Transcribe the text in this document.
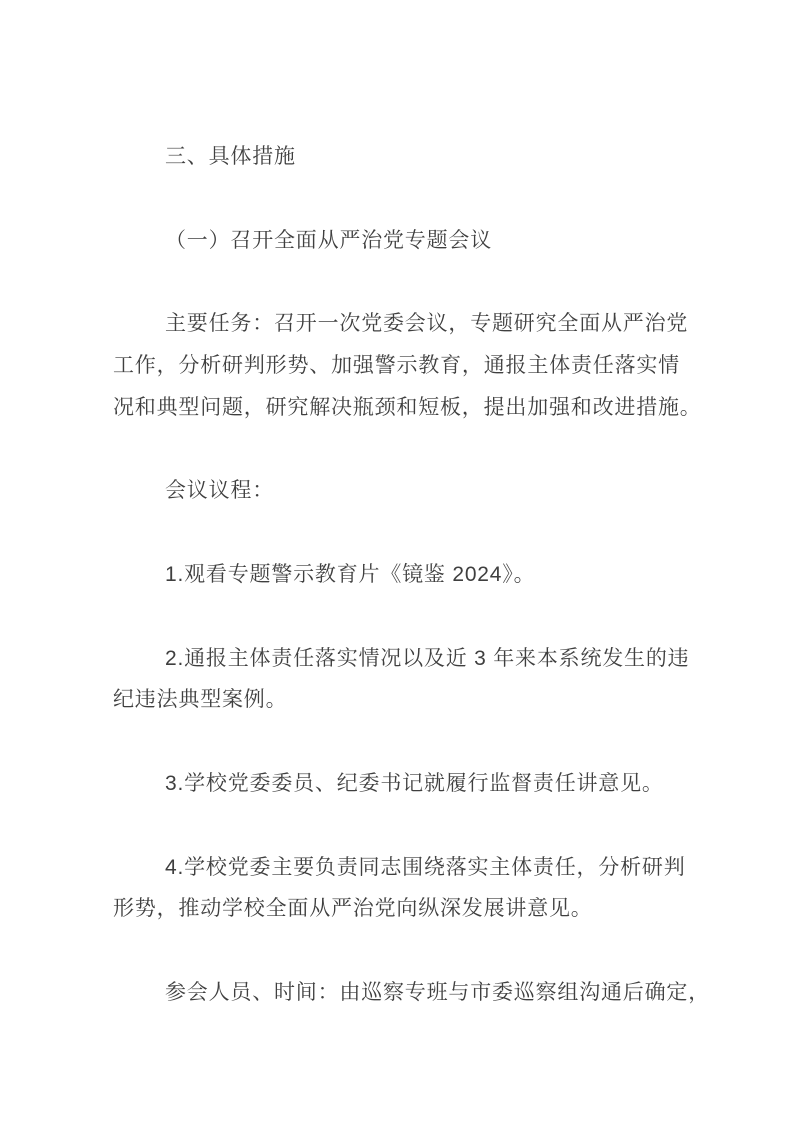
三、具体措施
（一）召开全面从严治党专题会议
主要任务：召开一次党委会议，专题研究全面从严治党
工作，分析研判形势、加强警示教育，通报主体责任落实情
况和典型问题，研究解决瓶颈和短板，提出加强和改进措施。
会议议程：
1.观看专题警示教育片《镜鉴 2024》。
2.通报主体责任落实情况以及近 3 年来本系统发生的违
纪违法典型案例。
3.学校党委委员、纪委书记就履行监督责任讲意见。
4.学校党委主要负责同志围绕落实主体责任，分析研判
形势，推动学校全面从严治党向纵深发展讲意见。
参会人员、时间：由巡察专班与市委巡察组沟通后确定，
